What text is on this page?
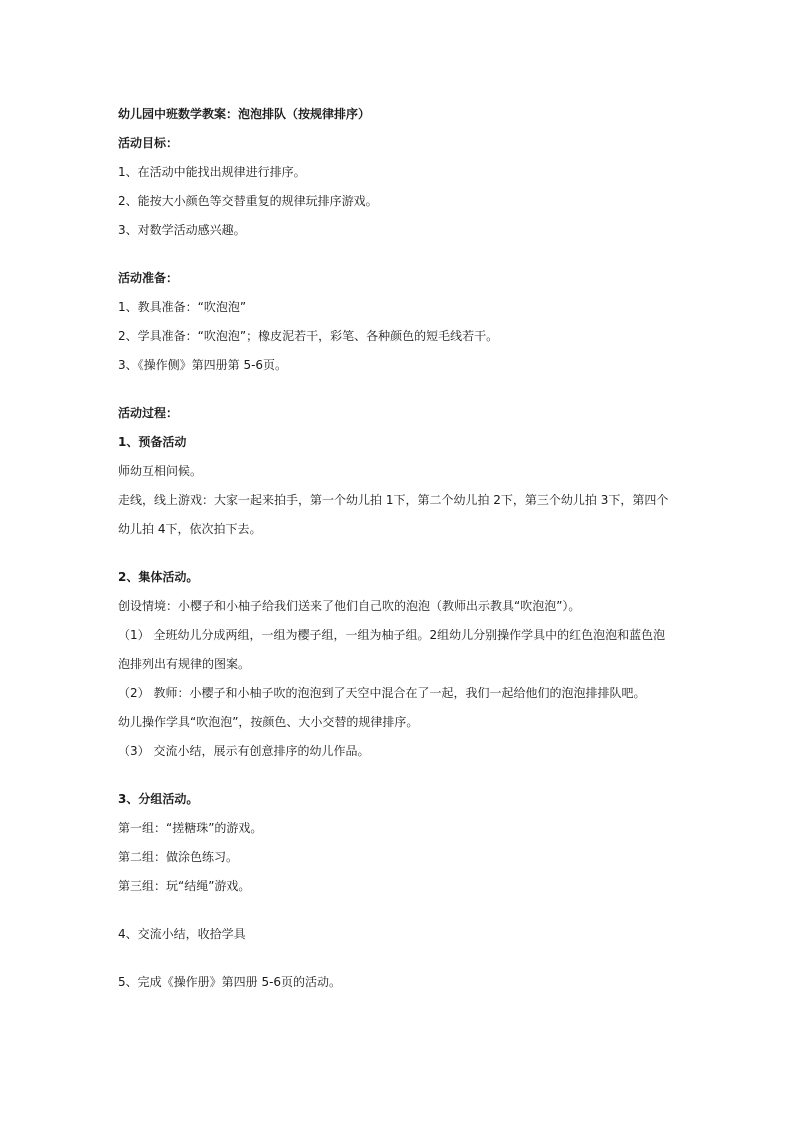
幼儿园中班数学教案：泡泡排队（按规律排序）
活动目标：
1、在活动中能找出规律进行排序。
2、能按大小颜色等交替重复的规律玩排序游戏。
3、对数学活动感兴趣。
活动准备：
1、教具准备：“吹泡泡”
2、学具准备：“吹泡泡”；橡皮泥若干，彩笔、各种颜色的短毛线若干。
3、《操作侧》第四册第 5-6页。
活动过程：
1、预备活动
师幼互相问候。
走线，线上游戏：大家一起来拍手，第一个幼儿拍 1下，第二个幼儿拍 2下，第三个幼儿拍 3下，第四个
幼儿拍 4下，依次拍下去。
2、集体活动。
创设情境：小樱子和小柚子给我们送来了他们自己吹的泡泡（教师出示教具“吹泡泡”）。
（1） 全班幼儿分成两组，一组为樱子组，一组为柚子组。2组幼儿分别操作学具中的红色泡泡和蓝色泡
泡排列出有规律的图案。
（2） 教师：小樱子和小柚子吹的泡泡到了天空中混合在了一起，我们一起给他们的泡泡排排队吧。
幼儿操作学具“吹泡泡”，按颜色、大小交替的规律排序。
（3） 交流小结，展示有创意排序的幼儿作品。
3、分组活动。
第一组：“搓糖珠”的游戏。
第二组：做涂色练习。
第三组：玩“结绳”游戏。
4、交流小结，收拾学具
5、完成《操作册》第四册 5-6页的活动。
